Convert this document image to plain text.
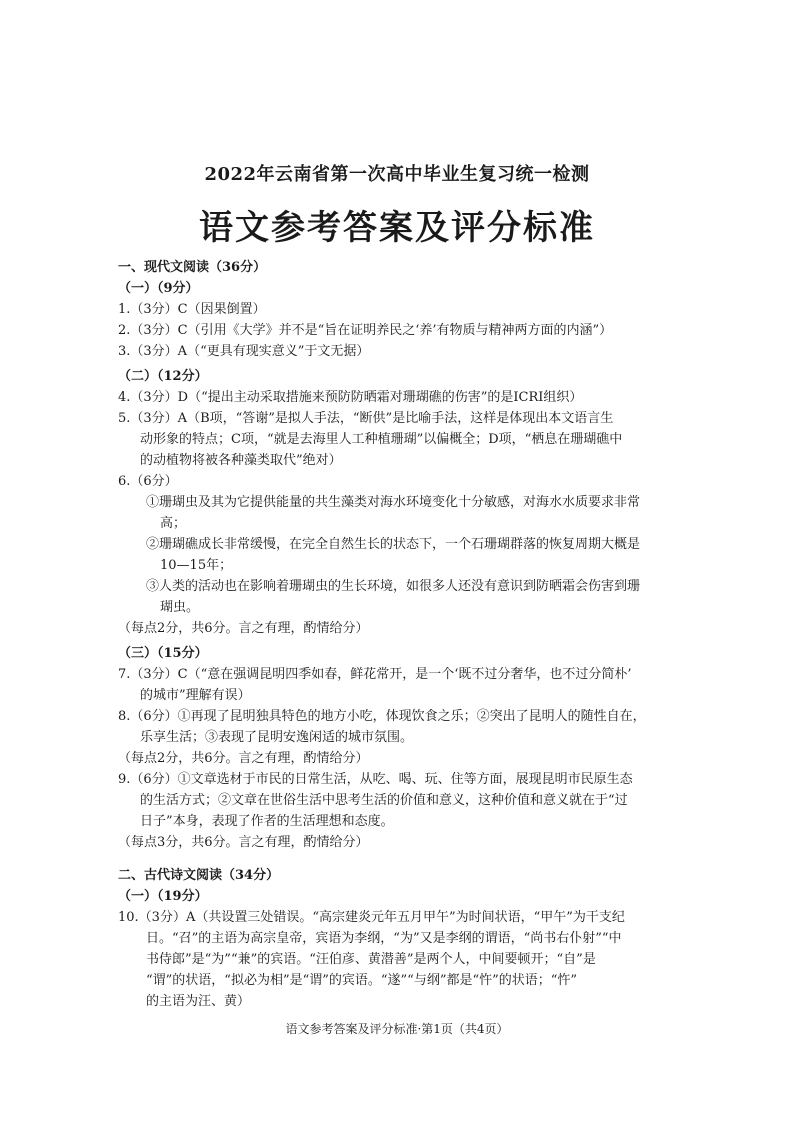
2022年云南省第一次高中毕业生复习统一检测
语文参考答案及评分标准
一、现代文阅读（36分）
（一）（9分）
1.（3分）C（因果倒置）
2.（3分）C（引用《大学》并不是“旨在证明养民之‘养’有物质与精神两方面的内涵”）
3.（3分）A（“更具有现实意义”于文无据）
（二）（12分）
4.（3分）D（“提出主动采取措施来预防防晒霜对珊瑚礁的伤害”的是ICRI组织）
5.（3分）A（B项，“答谢”是拟人手法，“断供”是比喻手法，这样是体现出本文语言生
动形象的特点；C项，“就是去海里人工种植珊瑚”以偏概全；D项，“栖息在珊瑚礁中
的动植物将被各种藻类取代”绝对）
6.（6分）
①珊瑚虫及其为它提供能量的共生藻类对海水环境变化十分敏感，对海水水质要求非常
高；
②珊瑚礁成长非常缓慢，在完全自然生长的状态下，一个石珊瑚群落的恢复周期大概是
10—15年；
③人类的活动也在影响着珊瑚虫的生长环境，如很多人还没有意识到防晒霜会伤害到珊
瑚虫。
（每点2分，共6分。言之有理，酌情给分）
（三）（15分）
7.（3分）C（“意在强调昆明四季如春，鲜花常开，是一个‘既不过分奢华，也不过分简朴’
的城市”理解有误）
8.（6分）①再现了昆明独具特色的地方小吃，体现饮食之乐；②突出了昆明人的随性自在，
乐享生活；③表现了昆明安逸闲适的城市氛围。
（每点2分，共6分。言之有理，酌情给分）
9.（6分）①文章选材于市民的日常生活，从吃、喝、玩、住等方面，展现昆明市民原生态
的生活方式；②文章在世俗生活中思考生活的价值和意义，这种价值和意义就在于“过
日子”本身，表现了作者的生活理想和态度。
（每点3分，共6分。言之有理，酌情给分）
二、古代诗文阅读（34分）
（一）（19分）
10.（3分）A（共设置三处错误。“高宗建炎元年五月甲午”为时间状语，“甲午”为干支纪
日。“召”的主语为高宗皇帝，宾语为李纲，“为”又是李纲的谓语，“尚书右仆射”“中
书侍郎”是“为”“兼”的宾语。“汪伯彦、黄潜善”是两个人，中间要顿开；“自”是
“谓”的状语，“拟必为相”是“谓”的宾语。“遂”“与纲”都是“忤”的状语；“忤”
的主语为汪、黄）
语文参考答案及评分标准·第1页（共4页）
